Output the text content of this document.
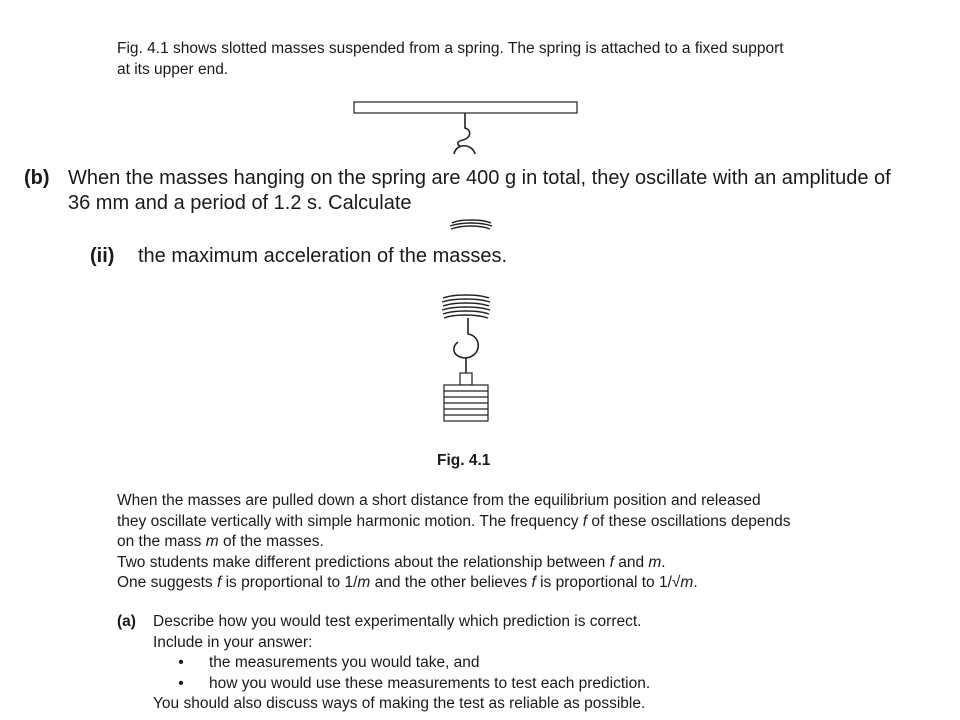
Fig. 4.1 shows slotted masses suspended from a spring. The spring is attached to a fixed support

at its upper end.

(b) When the masses hanging on the spring are 400 g in total, they oscillate with an amplitude of

36 mm and a period of 1.2 s. Calculate

(ii) the maximum acceleration of the masses.
Fig. 4.1

When the masses are pulled down a short distance from the equilibrium position and released

they oscillate vertically with simple harmonic motion. The frequency f of these oscillations depends

on the mass m of the masses.

Two students make different predictions about the relationship between f and m.

One suggests f is proportional to 1/m and the other believes f is proportional to 1/√m.

(a) Describe how you would test experimentally which prediction is correct.

Include in your answer:

•	the measurements you would take, and
•	how you would use these measurements to test each prediction.

You should also discuss ways of making the test as reliable as possible.
